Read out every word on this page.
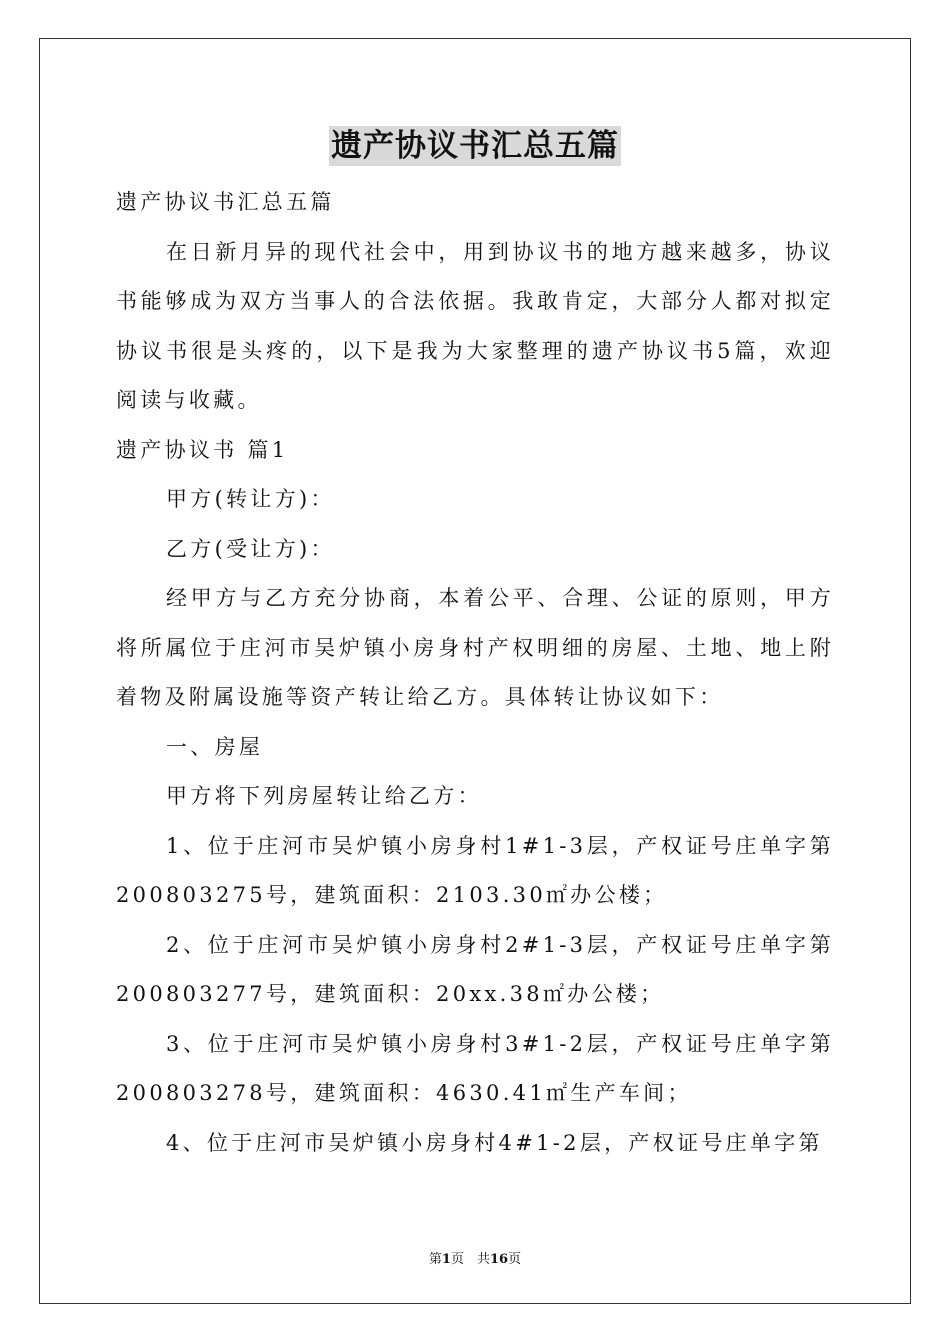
遗产协议书汇总五篇

遗产协议书汇总五篇

在日新月异的现代社会中，用到协议书的地方越来越多，协议书能够成为双方当事人的合法依据。我敢肯定，大部分人都对拟定协议书很是头疼的，以下是我为大家整理的遗产协议书5篇，欢迎阅读与收藏。

遗产协议书 篇1

甲方(转让方)：

乙方(受让方)：

经甲方与乙方充分协商，本着公平、合理、公证的原则，甲方将所属位于庄河市吴炉镇小房身村产权明细的房屋、土地、地上附着物及附属设施等资产转让给乙方。具体转让协议如下：

一、房屋

甲方将下列房屋转让给乙方：

1、位于庄河市吴炉镇小房身村1#1-3层，产权证号庄单字第200803275号，建筑面积：2103.30㎡办公楼；

2、位于庄河市吴炉镇小房身村2#1-3层，产权证号庄单字第200803277号，建筑面积：20xx.38㎡办公楼；

3、位于庄河市吴炉镇小房身村3#1-2层，产权证号庄单字第200803278号，建筑面积：4630.41㎡生产车间；

4、位于庄河市吴炉镇小房身村4#1-2层，产权证号庄单字第

第1页　共16页
